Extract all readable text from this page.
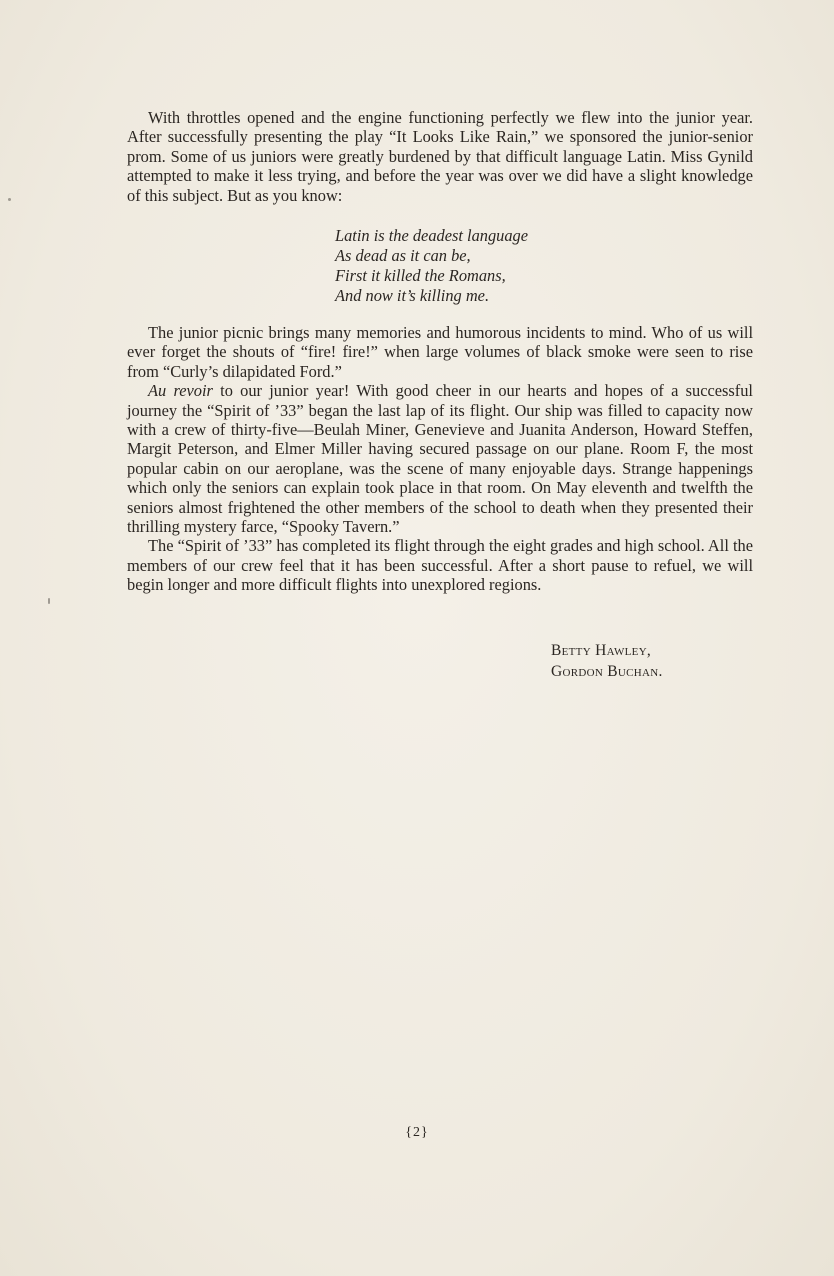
With throttles opened and the engine functioning perfectly we flew into the junior year. After successfully presenting the play “It Looks Like Rain,” we sponsored the junior-senior prom. Some of us juniors were greatly burdened by that difficult language Latin. Miss Gynild attempted to make it less trying, and before the year was over we did have a slight knowledge of this subject. But as you know:

Latin is the deadest language
As dead as it can be,
First it killed the Romans,
And now it’s killing me.

The junior picnic brings many memories and humorous incidents to mind. Who of us will ever forget the shouts of “fire! fire!” when large volumes of black smoke were seen to rise from “Curly’s dilapidated Ford.”

Au revoir to our junior year! With good cheer in our hearts and hopes of a successful journey the “Spirit of ’33” began the last lap of its flight. Our ship was filled to capacity now with a crew of thirty-five—Beulah Miner, Genevieve and Juanita Anderson, Howard Steffen, Margit Peterson, and Elmer Miller having secured passage on our plane. Room F, the most popular cabin on our aeroplane, was the scene of many enjoyable days. Strange happenings which only the seniors can explain took place in that room. On May eleventh and twelfth the seniors almost frightened the other members of the school to death when they presented their thrilling mystery farce, “Spooky Tavern.”

The “Spirit of ’33” has completed its flight through the eight grades and high school. All the members of our crew feel that it has been successful. After a short pause to refuel, we will begin longer and more difficult flights into unexplored regions.

Betty Hawley,
Gordon Buchan.
{2}
